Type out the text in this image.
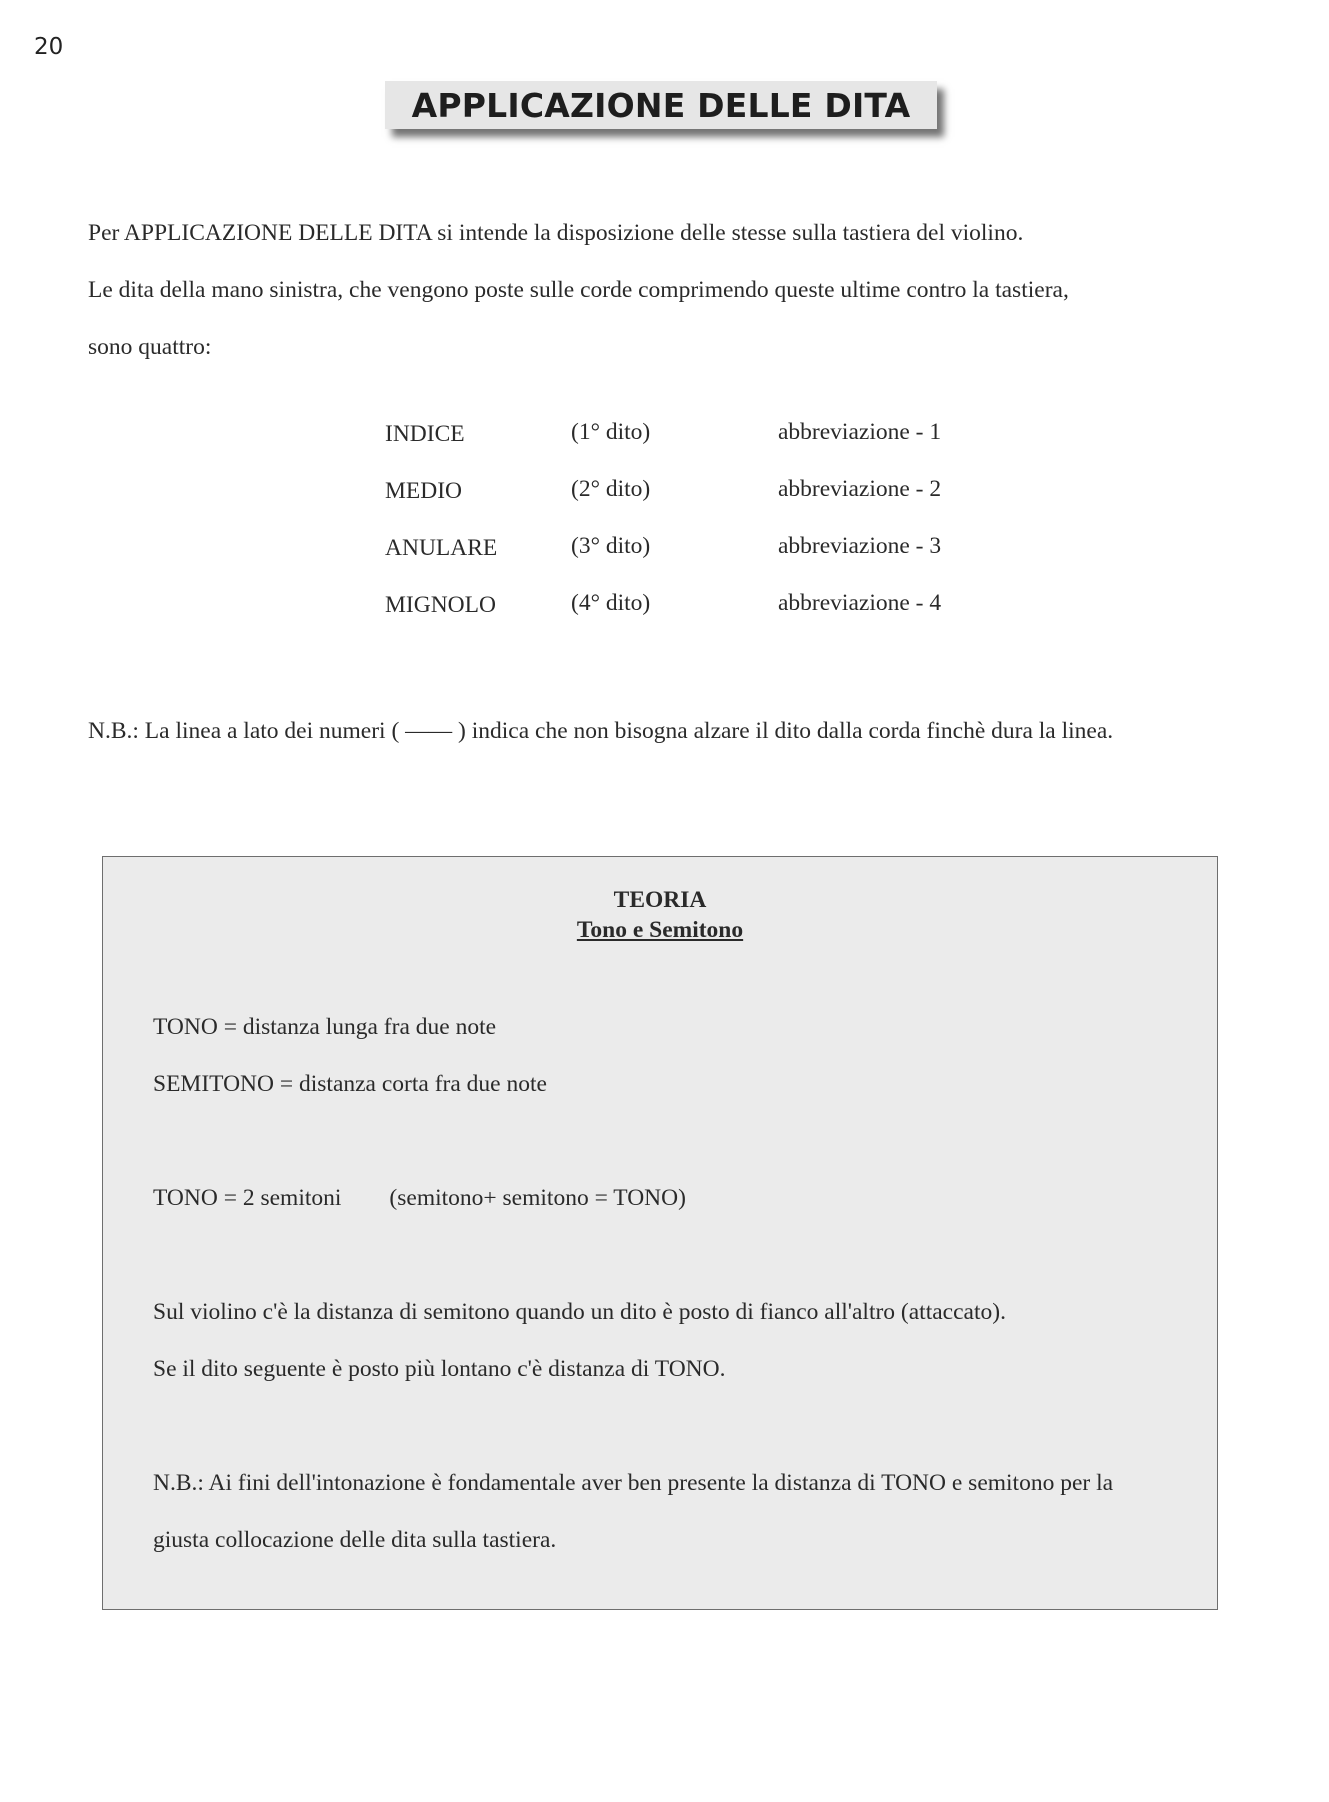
20
APPLICAZIONE DELLE DITA

Per APPLICAZIONE DELLE DITA si intende la disposizione delle stesse sulla tastiera del violino.

Le dita della mano sinistra, che vengono poste sulle corde comprimendo queste ultime contro la tastiera,

sono quattro:

INDICE	(1° dito)	abbreviazione - 1
MEDIO	(2° dito)	abbreviazione - 2
ANULARE	(3° dito)	abbreviazione - 3
MIGNOLO	(4° dito)	abbreviazione - 4
N.B.: La linea a lato dei numeri ( —— ) indica che non bisogna alzare il dito dalla corda finchè dura la linea.
TEORIA
Tono e Semitono
TONO = distanza lunga fra due note
SEMITONO = distanza corta fra due note
TONO = 2 semitoni (semitono+ semitono = TONO)
Sul violino c'è la distanza di semitono quando un dito è posto di fianco all'altro (attaccato).
Se il dito seguente è posto più lontano c'è distanza di TONO.
N.B.: Ai fini dell'intonazione è fondamentale aver ben presente la distanza di TONO e semitono per la
giusta collocazione delle dita sulla tastiera.
